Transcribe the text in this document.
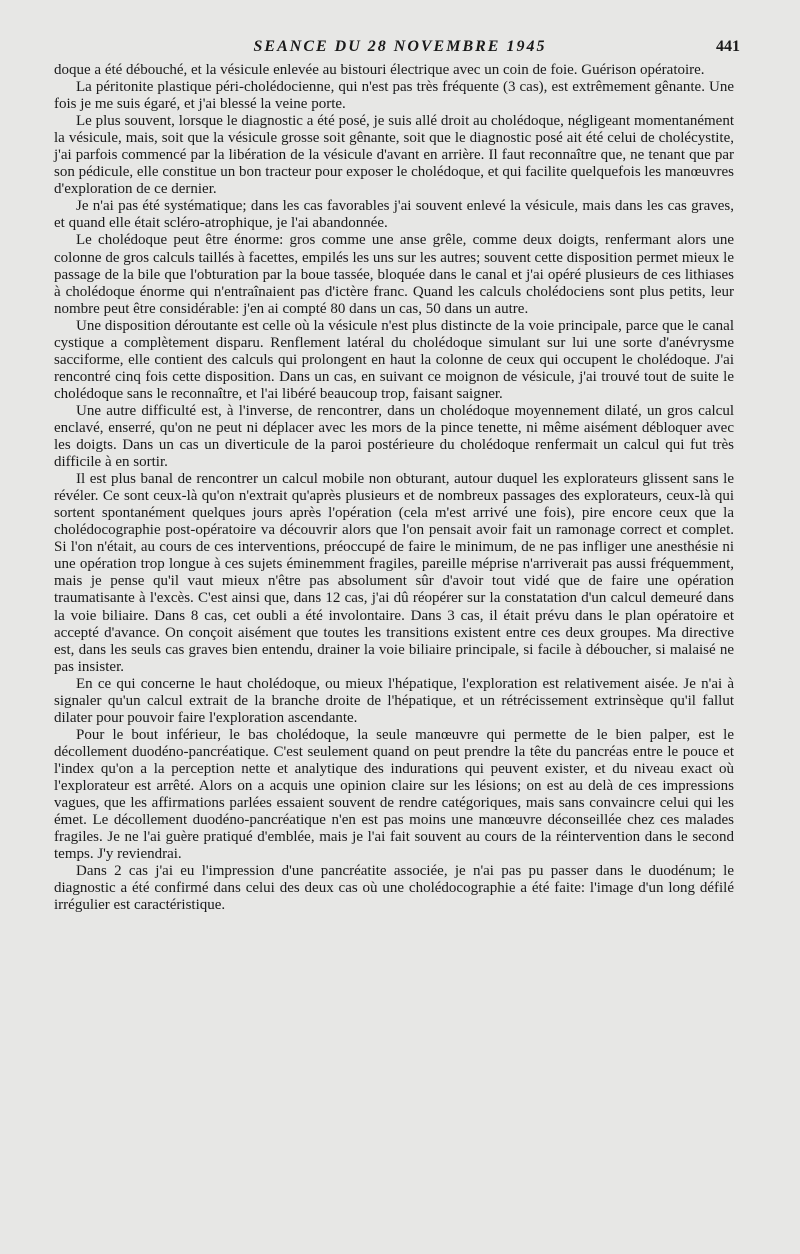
SEANCE DU 28 NOVEMBRE 1945	441

doque a été débouché, et la vésicule enlevée au bistouri électrique avec un coin de foie. Guérison opératoire.

La péritonite plastique péri-cholédocienne, qui n'est pas très fréquente (3 cas), est extrêmement gênante. Une fois je me suis égaré, et j'ai blessé la veine porte.

Le plus souvent, lorsque le diagnostic a été posé, je suis allé droit au cholédoque, négligeant momentanément la vésicule, mais, soit que la vésicule grosse soit gênante, soit que le diagnostic posé ait été celui de cholécystite, j'ai parfois commencé par la libération de la vésicule d'avant en arrière. Il faut reconnaître que, ne tenant que par son pédicule, elle constitue un bon tracteur pour exposer le cholédoque, et qui facilite quelquefois les manœuvres d'exploration de ce dernier.

Je n'ai pas été systématique; dans les cas favorables j'ai souvent enlevé la vésicule, mais dans les cas graves, et quand elle était scléro-atrophique, je l'ai abandonnée.

Le cholédoque peut être énorme: gros comme une anse grêle, comme deux doigts, renfermant alors une colonne de gros calculs taillés à facettes, empilés les uns sur les autres; souvent cette disposition permet mieux le passage de la bile que l'obturation par la boue tassée, bloquée dans le canal et j'ai opéré plusieurs de ces lithiases à cholédoque énorme qui n'entraînaient pas d'ictère franc. Quand les calculs cholédociens sont plus petits, leur nombre peut être considérable: j'en ai compté 80 dans un cas, 50 dans un autre.

Une disposition déroutante est celle où la vésicule n'est plus distincte de la voie principale, parce que le canal cystique a complètement disparu. Renflement latéral du cholédoque simulant sur lui une sorte d'anévrysme sacciforme, elle contient des calculs qui prolongent en haut la colonne de ceux qui occupent le cholédoque. J'ai rencontré cinq fois cette disposition. Dans un cas, en suivant ce moignon de vésicule, j'ai trouvé tout de suite le cholédoque sans le reconnaître, et l'ai libéré beaucoup trop, faisant saigner.

Une autre difficulté est, à l'inverse, de rencontrer, dans un cholédoque moyennement dilaté, un gros calcul enclavé, enserré, qu'on ne peut ni déplacer avec les mors de la pince tenette, ni même aisément débloquer avec les doigts. Dans un cas un diverticule de la paroi postérieure du cholédoque renfermait un calcul qui fut très difficile à en sortir.

Il est plus banal de rencontrer un calcul mobile non obturant, autour duquel les explorateurs glissent sans le révéler. Ce sont ceux-là qu'on n'extrait qu'après plusieurs et de nombreux passages des explorateurs, ceux-là qui sortent spontanément quelques jours après l'opération (cela m'est arrivé une fois), pire encore ceux que la cholédocographie post-opératoire va découvrir alors que l'on pensait avoir fait un ramonage correct et complet. Si l'on n'était, au cours de ces interventions, préoccupé de faire le minimum, de ne pas infliger une anesthésie ni une opération trop longue à ces sujets éminemment fragiles, pareille méprise n'arriverait pas aussi fréquemment, mais je pense qu'il vaut mieux n'être pas absolument sûr d'avoir tout vidé que de faire une opération traumatisante à l'excès. C'est ainsi que, dans 12 cas, j'ai dû réopérer sur la constatation d'un calcul demeuré dans la voie biliaire. Dans 8 cas, cet oubli a été involontaire. Dans 3 cas, il était prévu dans le plan opératoire et accepté d'avance. On conçoit aisément que toutes les transitions existent entre ces deux groupes. Ma directive est, dans les seuls cas graves bien entendu, drainer la voie biliaire principale, si facile à déboucher, si malaisé ne pas insister.

En ce qui concerne le haut cholédoque, ou mieux l'hépatique, l'exploration est relativement aisée. Je n'ai à signaler qu'un calcul extrait de la branche droite de l'hépatique, et un rétrécissement extrinsèque qu'il fallut dilater pour pouvoir faire l'exploration ascendante.

Pour le bout inférieur, le bas cholédoque, la seule manœuvre qui permette de le bien palper, est le décollement duodéno-pancréatique. C'est seulement quand on peut prendre la tête du pancréas entre le pouce et l'index qu'on a la perception nette et analytique des indurations qui peuvent exister, et du niveau exact où l'explorateur est arrêté. Alors on a acquis une opinion claire sur les lésions; on est au delà de ces impressions vagues, que les affirmations parlées essaient souvent de rendre catégoriques, mais sans convaincre celui qui les émet. Le décollement duodéno-pancréatique n'en est pas moins une manœuvre déconseillée chez ces malades fragiles. Je ne l'ai guère pratiqué d'emblée, mais je l'ai fait souvent au cours de la réintervention dans le second temps. J'y reviendrai.

Dans 2 cas j'ai eu l'impression d'une pancréatite associée, je n'ai pas pu passer dans le duodénum; le diagnostic a été confirmé dans celui des deux cas où une cholédocographie a été faite: l'image d'un long défilé irrégulier est caractéristique.
